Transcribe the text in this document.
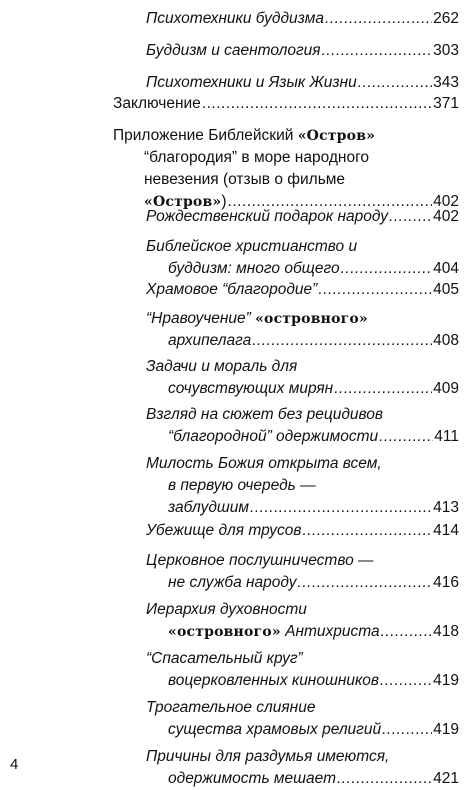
Психотехники буддизма .....	262
Буддизм и саентология .....	303
Психотехники и Язык Жизни .....	343
Заключение .....	371
Приложение Библейский «Остров»
“благородия” в море народного
невезения (отзыв о фильме
«Остров») .....	402
Рождественский подарок народу .....	402
Библейское христианство и
буддизм: много общего .....	404
Храмовое “благородие” .....	405
“Нравоучение” «островного»
архипелага .....	408
Задачи и мораль для
сочувствующих мирян .....	409
Взгляд на сюжет без рецидивов
“благородной” одержимости .....	411
Милость Божия открыта всем,
в первую очередь —
заблудшим .....	413
Убежище для трусов .....	414
Церковное послушничество —
не служба народу .....	416
Иерархия духовности
«островного» Антихриста .....	418
“Спасательный круг”
воцерковленных киношников .....	419
Трогательное слияние
существа храмовых религий .....	419
Причины для раздумья имеются,
одержимость мешает .....	421
4
